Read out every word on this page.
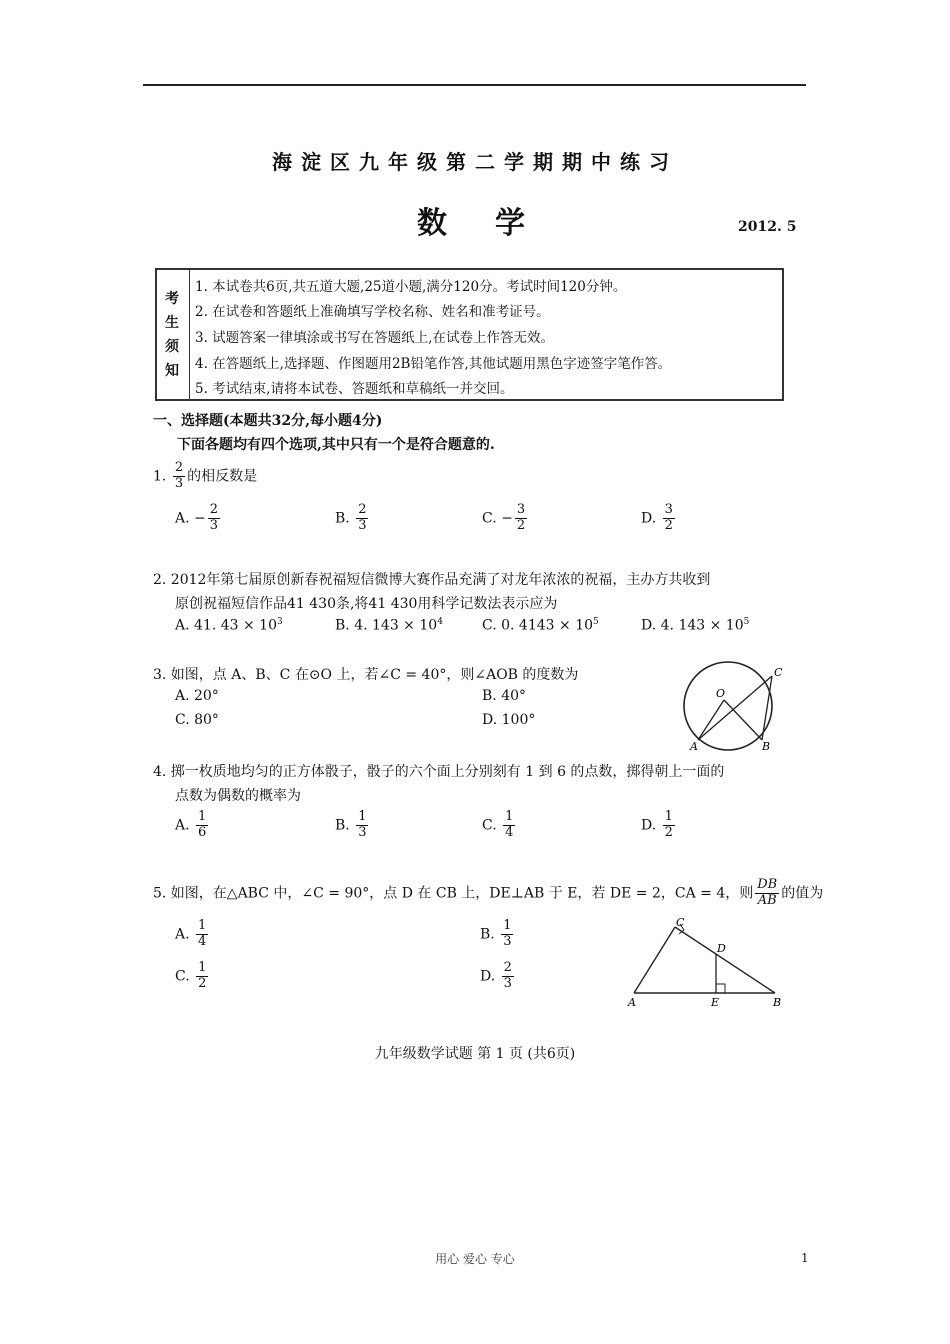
海淀区九年级第二学期期中练习
数学	2012. 5
考
生
须
知
1. 本试卷共6页,共五道大题,25道小题,满分120分。考试时间120分钟。
2. 在试卷和答题纸上准确填写学校名称、姓名和准考证号。
3. 试题答案一律填涂或书写在答题纸上,在试卷上作答无效。
4. 在答题纸上,选择题、作图题用2B铅笔作答,其他试题用黑色字迹签字笔作答。
5. 考试结束,请将本试卷、答题纸和草稿纸一并交回。
一、选择题(本题共32分,每小题4分)
下面各题均有四个选项,其中只有一个是符合题意的.
1. $\frac{2}{3}$ 的相反数是
A. − $\frac{2}{3}$	B. $\frac{2}{3}$	C. − $\frac{3}{2}$	D. $\frac{3}{2}$
2. 2012年第七届原创新春祝福短信微博大赛作品充满了对龙年浓浓的祝福，主办方共收到
原创祝福短信作品41 430条,将41 430用科学记数法表示应为
A. 41. $43 \times 10^3$	B. 4. $143 \times 10^4$	C. 0. $4143 \times 10^5$	D. 4. $143 \times 10^5$
3. 如图，点 A、B、C 在⊙O 上，若∠C = 40°，则∠AOB 的度数为
A. 20°	B. 40°
C. 80°	D. 100°
O
A	B
C
4. 掷一枚质地均匀的正方体骰子，骰子的六个面上分别刻有 1 到 6 的点数，掷得朝上一面的
点数为偶数的概率为
A. $\frac{1}{6}$	B. $\frac{1}{3}$	C. $\frac{1}{4}$	D. $\frac{1}{2}$
5. 如图，在△ABC 中，∠C = 90°，点 D 在 CB 上，DE⊥AB 于 E，若 DE = 2，CA = 4，则 $\frac{DB}{AB}$ 的值为
A. $\frac{1}{4}$	B. $\frac{1}{3}$
C. $\frac{1}{2}$	D. $\frac{2}{3}$
A	B
C
D
E
九年级数学试题 第 1 页 (共6页)
用心 爱心 专心	1
